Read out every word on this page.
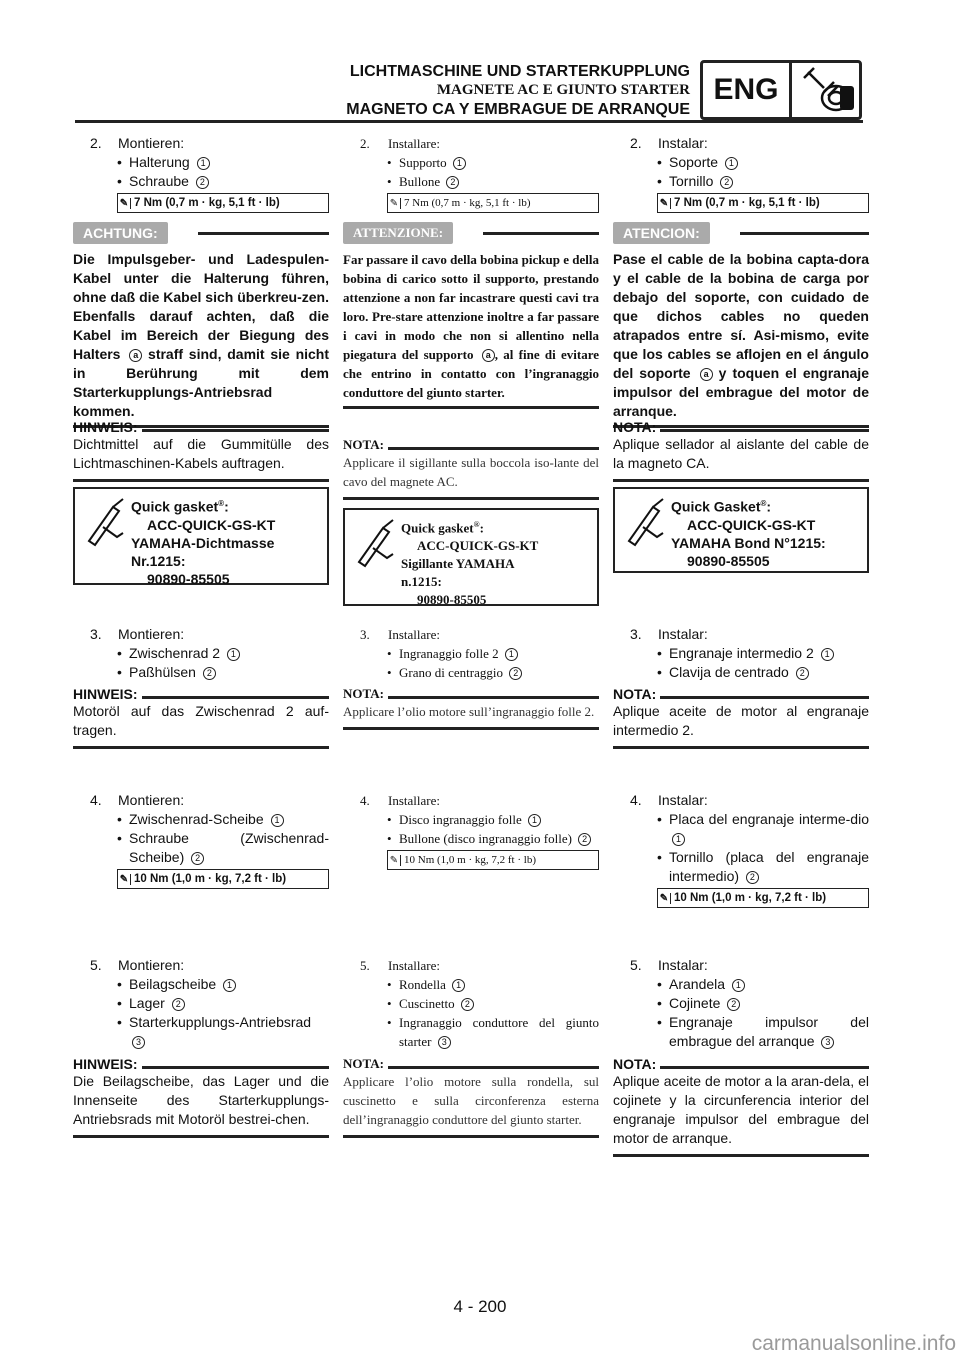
LICHTMASCHINE UND STARTERKUPPLUNG
MAGNETE AC E GIUNTO STARTER
MAGNETO CA Y EMBRAGUE DE ARRANQUE
ENG
2. Montieren:
• Halterung 1
• Schraube 2
✎ 7 Nm (0,7 m · kg, 5,1 ft · lb)
ACHTUNG:
Die Impulsgeber- und Ladespulen-Kabel unter die Halterung führen, ohne daß die Kabel sich überkreu-zen. Ebenfalls darauf achten, daß die Kabel im Bereich der Biegung des Halters a straff sind, damit sie nicht in Berührung mit dem Starterkupplungs-Antriebsrad kommen.
HINWEIS:
Dichtmittel auf die Gummitülle des Lichtmaschinen-Kabels auftragen.
Quick gasket®:
ACC-QUICK-GS-KT
YAMAHA-Dichtmasse
Nr.1215:
90890-85505
3. Montieren:
• Zwischenrad 2 1
• Paßhülsen 2
HINWEIS:
Motoröl auf das Zwischenrad 2 auf-tragen.
4. Montieren:
• Zwischenrad-Scheibe 1
• Schraube (Zwischenrad-Scheibe) 2
✎ 10 Nm (1,0 m · kg, 7,2 ft · lb)
5. Montieren:
• Beilagscheibe 1
• Lager 2
• Starterkupplungs-Antriebsrad 3
HINWEIS:
Die Beilagscheibe, das Lager und die Innenseite des Starterkupplungs-Antriebsrads mit Motoröl bestrei-chen.
2. Installare:
• Supporto 1
• Bullone 2
✎ 7 Nm (0,7 m · kg, 5,1 ft · lb)
ATTENZIONE:
Far passare il cavo della bobina pickup e della bobina di carico sotto il supporto, prestando attenzione a non far incastrare questi cavi tra loro. Pre-stare attenzione inoltre a far passare i cavi in modo che non si allentino nella piegatura del supporto a , al fine di evitare che entrino in contatto con l’ingranaggio conduttore del giunto starter.
NOTA:
Applicare il sigillante sulla boccola iso-lante del cavo del magnete AC.
Quick gasket®:
ACC-QUICK-GS-KT
Sigillante YAMAHA
n.1215:
90890-85505
3. Installare:
• Ingranaggio folle 2 1
• Grano di centraggio 2
NOTA:
Applicare l’olio motore sull’ingranaggio folle 2.
4. Installare:
• Disco ingranaggio folle 1
• Bullone (disco ingranaggio folle) 2
✎ 10 Nm (1,0 m · kg, 7,2 ft · lb)
5. Installare:
• Rondella 1
• Cuscinetto 2
• Ingranaggio conduttore del giunto starter 3
NOTA:
Applicare l’olio motore sulla rondella, sul cuscinetto e sulla circonferenza esterna dell’ingranaggio conduttore del giunto starter.
2. Instalar:
• Soporte 1
• Tornillo 2
✎ 7 Nm (0,7 m · kg, 5,1 ft · lb)
ATENCION:
Pase el cable de la bobina capta-dora y el cable de la bobina de carga por debajo del soporte, con cuidado de que dichos cables no queden atrapados entre sí. Asi-mismo, evite que los cables se aflojen en el ángulo del soporte a y toquen el engranaje impulsor del embrague del motor de arranque.
NOTA:
Aplique sellador al aislante del cable de la magneto CA.
Quick Gasket®:
ACC-QUICK-GS-KT
YAMAHA Bond N°1215:
90890-85505
3. Instalar:
• Engranaje intermedio 2 1
• Clavija de centrado 2
NOTA:
Aplique aceite de motor al engranaje intermedio 2.
4. Instalar:
• Placa del engranaje interme-dio 1
• Tornillo (placa del engranaje intermedio) 2
✎ 10 Nm (1,0 m · kg, 7,2 ft · lb)
5. Instalar:
• Arandela 1
• Cojinete 2
• Engranaje impulsor del embrague del arranque 3
NOTA:
Aplique aceite de motor a la aran-dela, el cojinete y la circunferencia interior del engranaje impulsor del embrague del motor de arranque.
4 - 200
carmanualsonline.info
